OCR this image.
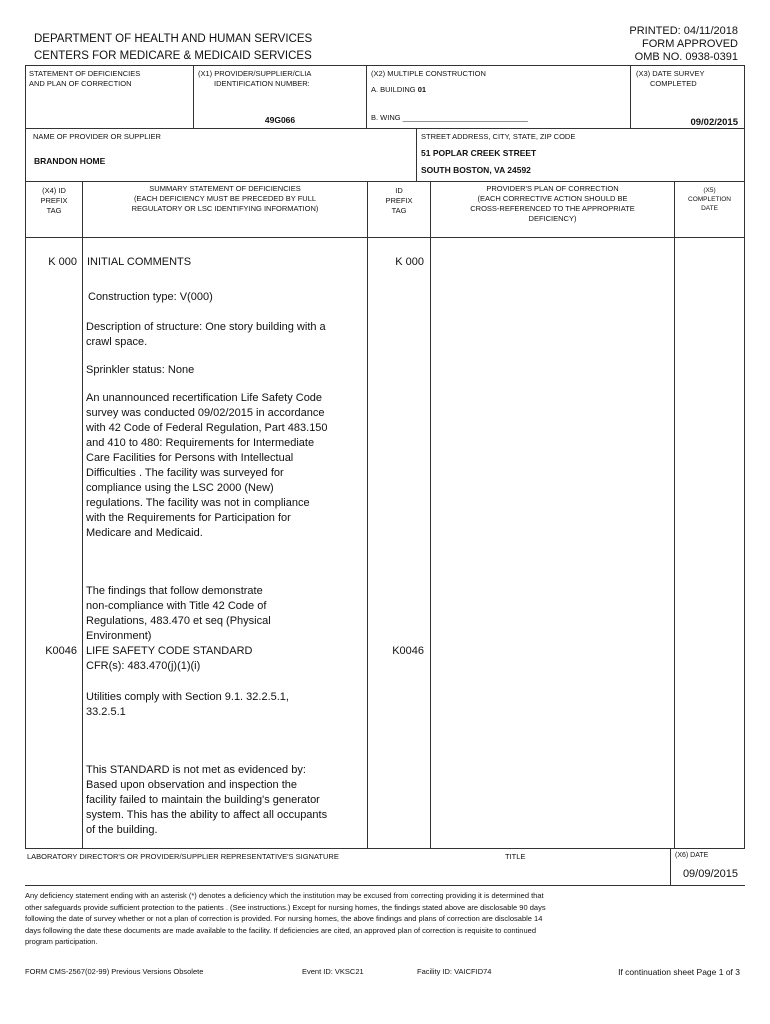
DEPARTMENT OF HEALTH AND HUMAN SERVICES
CENTERS FOR MEDICARE & MEDICAID SERVICES
PRINTED: 04/11/2018
FORM APPROVED
OMB NO. 0938-0391
STATEMENT OF DEFICIENCIES
AND PLAN OF CORRECTION
(X1) PROVIDER/SUPPLIER/CLIA
IDENTIFICATION NUMBER:
49G066
(X2) MULTIPLE CONSTRUCTION
A. BUILDING 01
B. WING ______________________________
(X3) DATE SURVEY
COMPLETED
09/02/2015
NAME OF PROVIDER OR SUPPLIER
BRANDON HOME
STREET ADDRESS, CITY, STATE, ZIP CODE
51 POPLAR CREEK STREET
SOUTH BOSTON, VA 24592
(X4) ID
PREFIX
TAG
SUMMARY STATEMENT OF DEFICIENCIES
(EACH DEFICIENCY MUST BE PRECEDED BY FULL
REGULATORY OR LSC IDENTIFYING INFORMATION)
ID
PREFIX
TAG
PROVIDER'S PLAN OF CORRECTION
(EACH CORRECTIVE ACTION SHOULD BE
CROSS-REFERENCED TO THE APPROPRIATE
DEFICIENCY)
(X5)
COMPLETION
DATE
K 000 INITIAL COMMENTS	K 000
Construction type: V(000)
Description of structure: One story building with a
crawl space.
Sprinkler status: None
An unannounced recertification Life Safety Code
survey was conducted 09/02/2015 in accordance
with 42 Code of Federal Regulation, Part 483.150
and 410 to 480: Requirements for Intermediate
Care Facilities for Persons with Intellectual
Difficulties . The facility was surveyed for
compliance using the LSC 2000 (New)
regulations. The facility was not in compliance
with the Requirements for Participation for
Medicare and Medicaid.
The findings that follow demonstrate
non-compliance with Title 42 Code of
Regulations, 483.470 et seq (Physical
Environment)
K0046 LIFE SAFETY CODE STANDARD
CFR(s): 483.470(j)(1)(i)
K0046
Utilities comply with Section 9.1. 32.2.5.1,
33.2.5.1
This STANDARD is not met as evidenced by:
Based upon observation and inspection the
facility failed to maintain the building's generator
system. This has the ability to affect all occupants
of the building.
LABORATORY DIRECTOR'S OR PROVIDER/SUPPLIER REPRESENTATIVE'S SIGNATURE	TITLE	(X6) DATE
09/09/2015
Any deficiency statement ending with an asterisk (*) denotes a deficiency which the institution may be excused from correcting providing it is determined that
other safeguards provide sufficient protection to the patients . (See instructions.) Except for nursing homes, the findings stated above are disclosable 90 days
following the date of survey whether or not a plan of correction is provided. For nursing homes, the above findings and plans of correction are disclosable 14
days following the date these documents are made available to the facility. If deficiencies are cited, an approved plan of correction is requisite to continued
program participation.
FORM CMS-2567(02-99) Previous Versions Obsolete	Event ID: VKSC21	Facility ID: VAICFID74	If continuation sheet Page 1 of 3
